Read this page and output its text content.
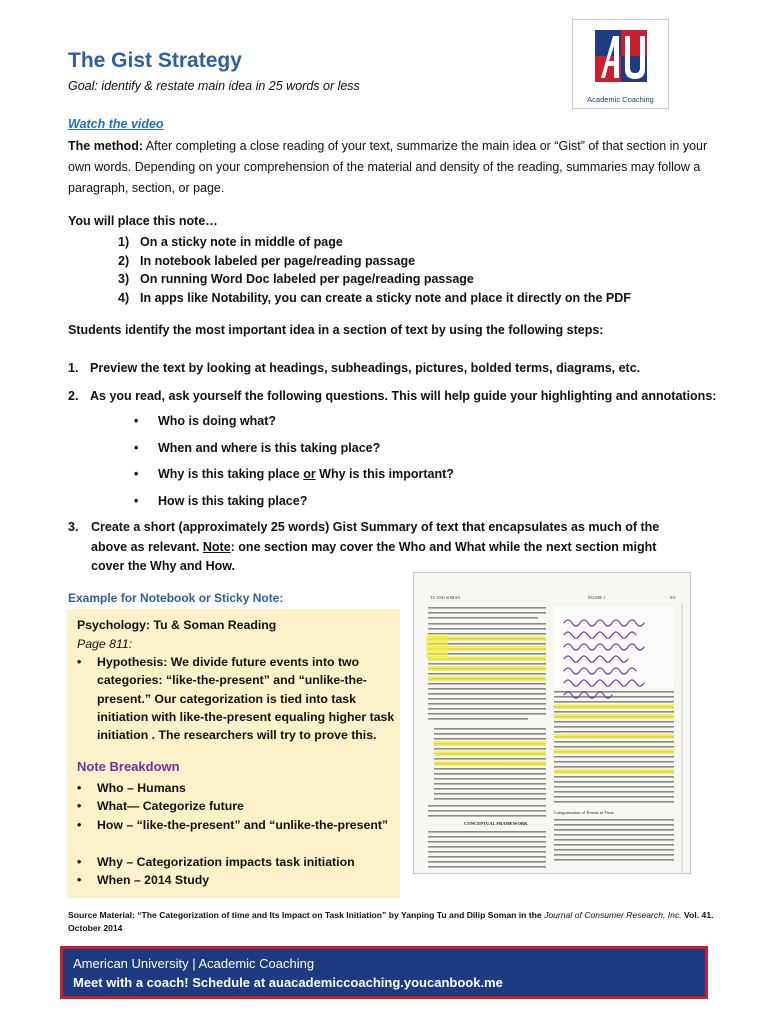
The Gist Strategy
Goal: identify & restate main idea in 25 words or less
Academic Coaching
Watch the video
The method: After completing a close reading of your text, summarize the main idea or “Gist” of that section in your own words. Depending on your comprehension of the material and density of the reading, summaries may follow a paragraph, section, or page.
You will place this note…
1) On a sticky note in middle of page
2) In notebook labeled per page/reading passage
3) On running Word Doc labeled per page/reading passage
4) In apps like Notability, you can create a sticky note and place it directly on the PDF
Students identify the most important idea in a section of text by using the following steps:
1. Preview the text by looking at headings, subheadings, pictures, bolded terms, diagrams, etc.
2. As you read, ask yourself the following questions. This will help guide your highlighting and annotations:
• Who is doing what?
• When and where is this taking place?
• Why is this taking place or Why is this important?
• How is this taking place?
3. Create a short (approximately 25 words) Gist Summary of text that encapsulates as much of the above as relevant. Note: one section may cover the Who and What while the next section might cover the Why and How.
Example for Notebook or Sticky Note:
Psychology: Tu & Soman Reading
Page 811:
• Hypothesis: We divide future events into two categories: “like-the-present” and “unlike-the-present.” Our categorization is tied into task initiation with like-the-present equaling higher task initiation . The researchers will try to prove this.
Note Breakdown
• Who – Humans
• What— Categorize future
• How – “like-the-present” and “unlike-the-present”
• Why – Categorization impacts task initiation
• When – 2014 Study
TU AND SOMAN	811
FIGURE 1
CONCEPTUAL FRAMEWORK
Categorization of Events in Time
Source Material: “The Categorization of time and Its Impact on Task Initiation” by Yanping Tu and Dilip Soman in the Journal of Consumer Research, Inc. Vol. 41. October 2014
American University | Academic Coaching
Meet with a coach! Schedule at auacademiccoaching.youcanbook.me
